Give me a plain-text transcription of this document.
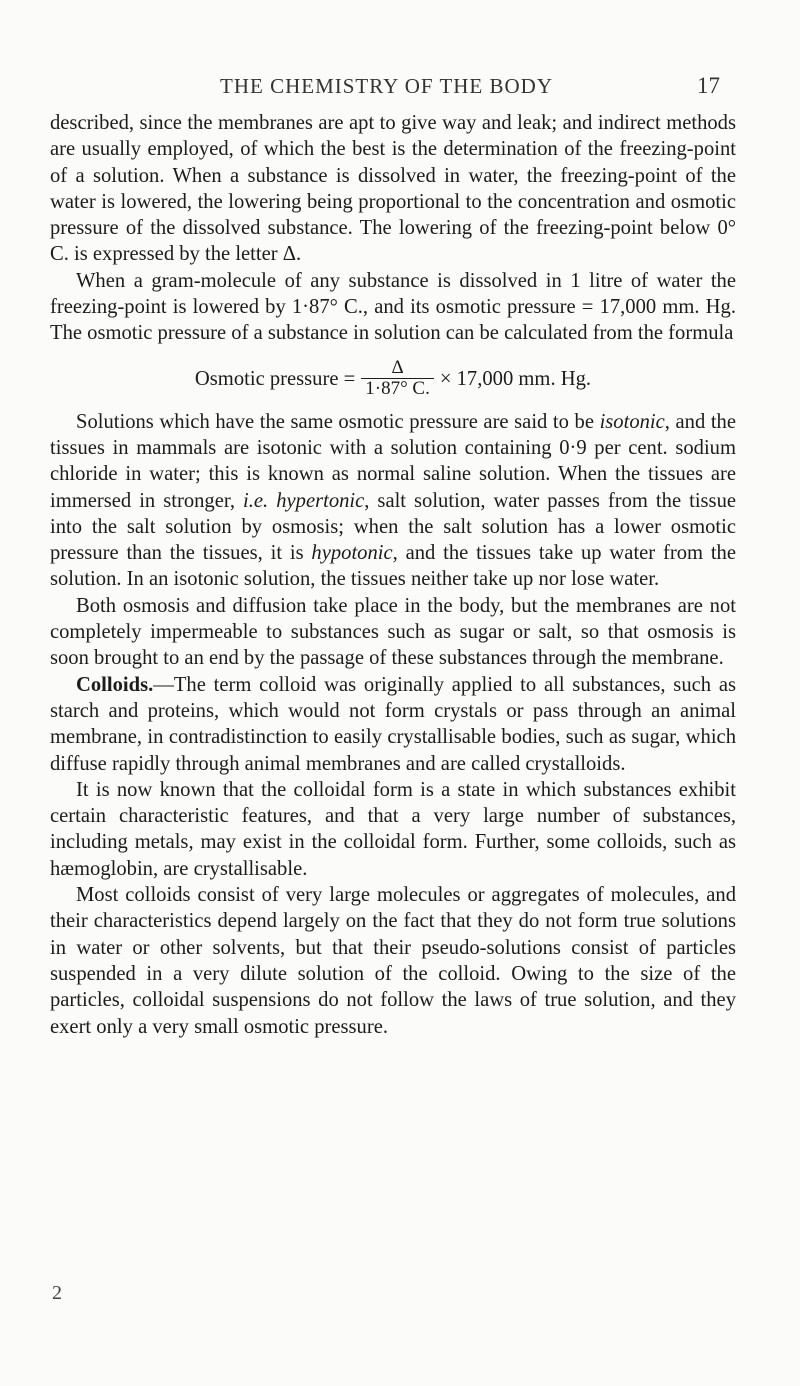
THE CHEMISTRY OF THE BODY	17

described, since the membranes are apt to give way and leak; and indirect methods are usually employed, of which the best is the determination of the freezing-point of a solution. When a substance is dissolved in water, the freezing-point of the water is lowered, the lowering being proportional to the concentration and osmotic pressure of the dissolved substance. The lowering of the freezing-point below 0° C. is expressed by the letter Δ.

When a gram-molecule of any substance is dissolved in 1 litre of water the freezing-point is lowered by 1·87° C., and its osmotic pressure = 17,000 mm. Hg. The osmotic pressure of a substance in solution can be calculated from the formula

Osmotic pressure = $\frac{\Delta}{1\cdot 87^\circ C.} \times 17,000$ mm. Hg.

Solutions which have the same osmotic pressure are said to be isotonic, and the tissues in mammals are isotonic with a solution containing 0·9 per cent. sodium chloride in water; this is known as normal saline solution. When the tissues are immersed in stronger, i.e. hypertonic, salt solution, water passes from the tissue into the salt solution by osmosis; when the salt solution has a lower osmotic pressure than the tissues, it is hypotonic, and the tissues take up water from the solution. In an isotonic solution, the tissues neither take up nor lose water.

Both osmosis and diffusion take place in the body, but the membranes are not completely impermeable to substances such as sugar or salt, so that osmosis is soon brought to an end by the passage of these substances through the membrane.

Colloids.—The term colloid was originally applied to all substances, such as starch and proteins, which would not form crystals or pass through an animal membrane, in contradistinction to easily crystallisable bodies, such as sugar, which diffuse rapidly through animal membranes and are called crystalloids.

It is now known that the colloidal form is a state in which substances exhibit certain characteristic features, and that a very large number of substances, including metals, may exist in the colloidal form. Further, some colloids, such as hæmoglobin, are crystallisable.

Most colloids consist of very large molecules or aggregates of molecules, and their characteristics depend largely on the fact that they do not form true solutions in water or other solvents, but that their pseudo-solutions consist of particles suspended in a very dilute solution of the colloid. Owing to the size of the particles, colloidal suspensions do not follow the laws of true solution, and they exert only a very small osmotic pressure.

2
